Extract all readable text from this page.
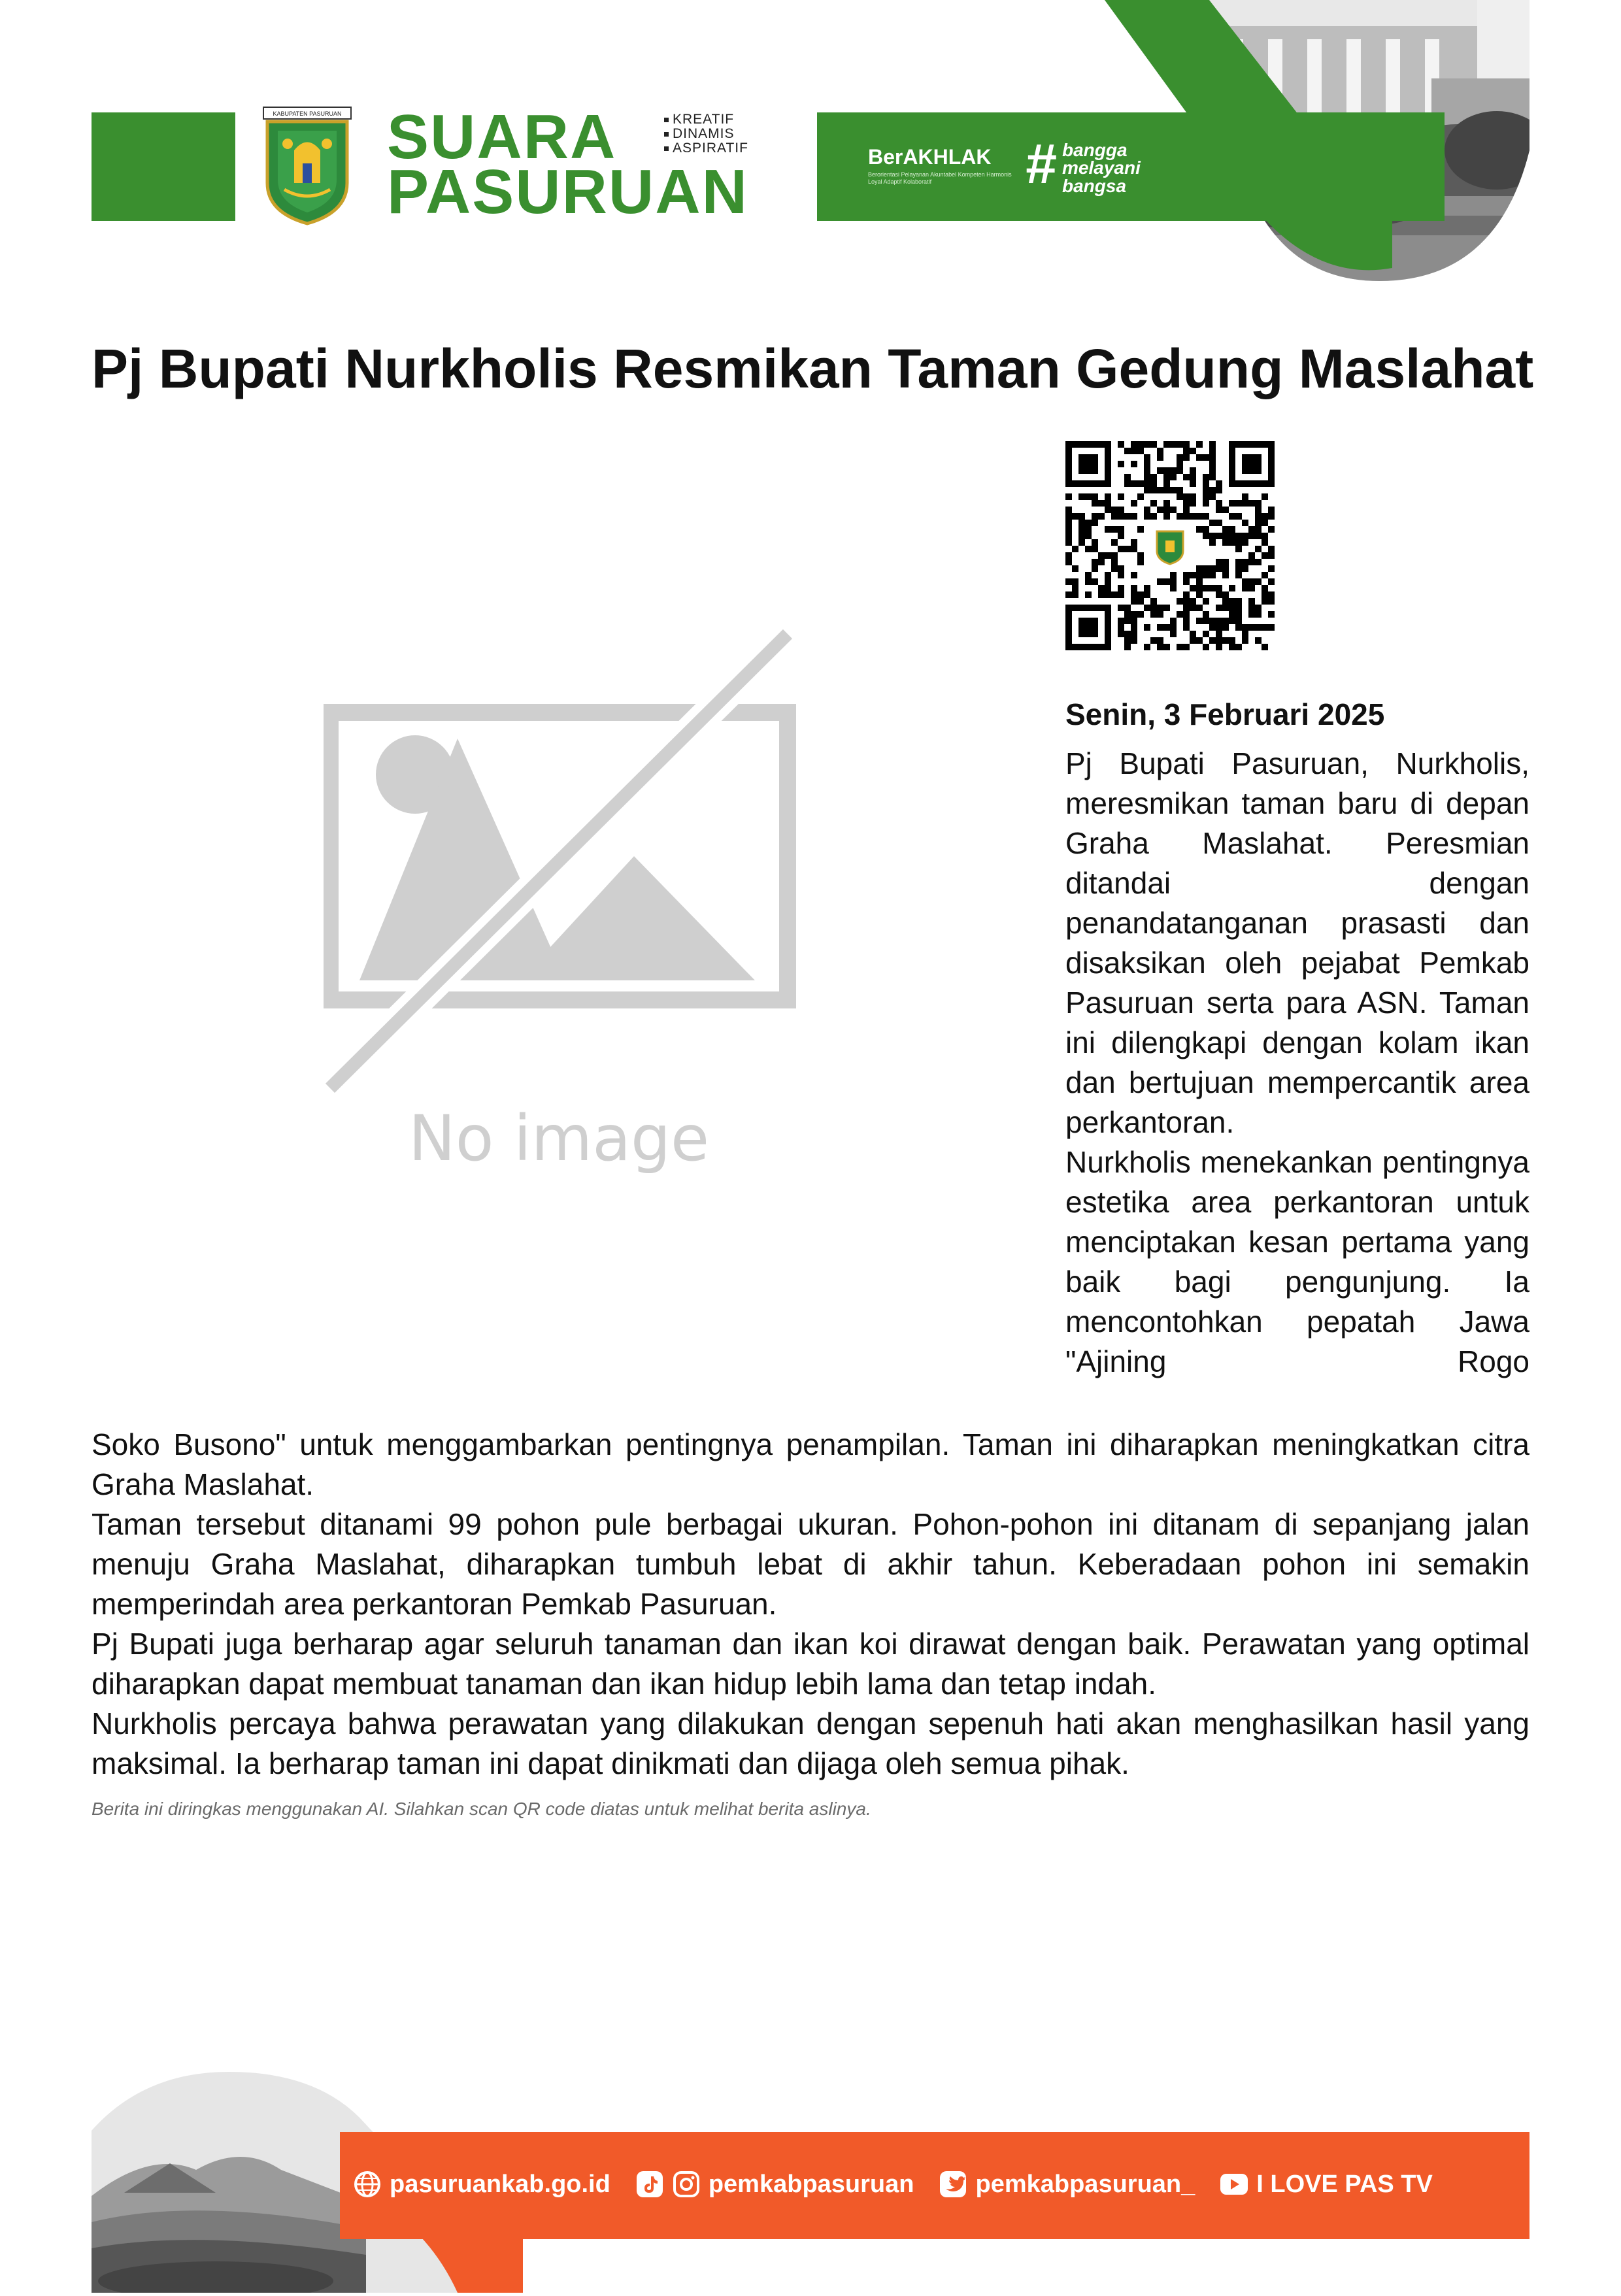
KABUPATEN PASURUAN SUARA
PASURUAN
KREATIF
DINAMIS
ASPIRATIF	BerAKHLAK
Berorientasi Pelayanan Akuntabel Kompeten Harmonis Loyal Adaptif Kolaboratif	# bangga
melayani
bangsa
Pj Bupati Nurkholis Resmikan Taman Gedung Maslahat
No image
Senin, 3 Februari 2025

Pj Bupati Pasuruan, Nurkholis, meresmikan taman baru di depan Graha Maslahat. Peresmian ditandai dengan penandatanganan prasasti dan disaksikan oleh pejabat Pemkab Pasuruan serta para ASN. Taman ini dilengkapi dengan kolam ikan dan bertujuan mempercantik area perkantoran.

Nurkholis menekankan pentingnya estetika area perkantoran untuk menciptakan kesan pertama yang baik bagi pengunjung. Ia mencontohkan pepatah Jawa "Ajining Rogo

Soko Busono" untuk menggambarkan pentingnya penampilan. Taman ini diharapkan meningkatkan citra Graha Maslahat.

Taman tersebut ditanami 99 pohon pule berbagai ukuran. Pohon-pohon ini ditanam di sepanjang jalan menuju Graha Maslahat, diharapkan tumbuh lebat di akhir tahun. Keberadaan pohon ini semakin memperindah area perkantoran Pemkab Pasuruan.

Pj Bupati juga berharap agar seluruh tanaman dan ikan koi dirawat dengan baik. Perawatan yang optimal diharapkan dapat membuat tanaman dan ikan hidup lebih lama dan tetap indah.

Nurkholis percaya bahwa perawatan yang dilakukan dengan sepenuh hati akan menghasilkan hasil yang maksimal. Ia berharap taman ini dapat dinikmati dan dijaga oleh semua pihak.

Berita ini diringkas menggunakan AI. Silahkan scan QR code diatas untuk melihat berita aslinya.
pasuruankab.go.id	pemkabpasuruan pemkabpasuruan_ I LOVE PAS TV
